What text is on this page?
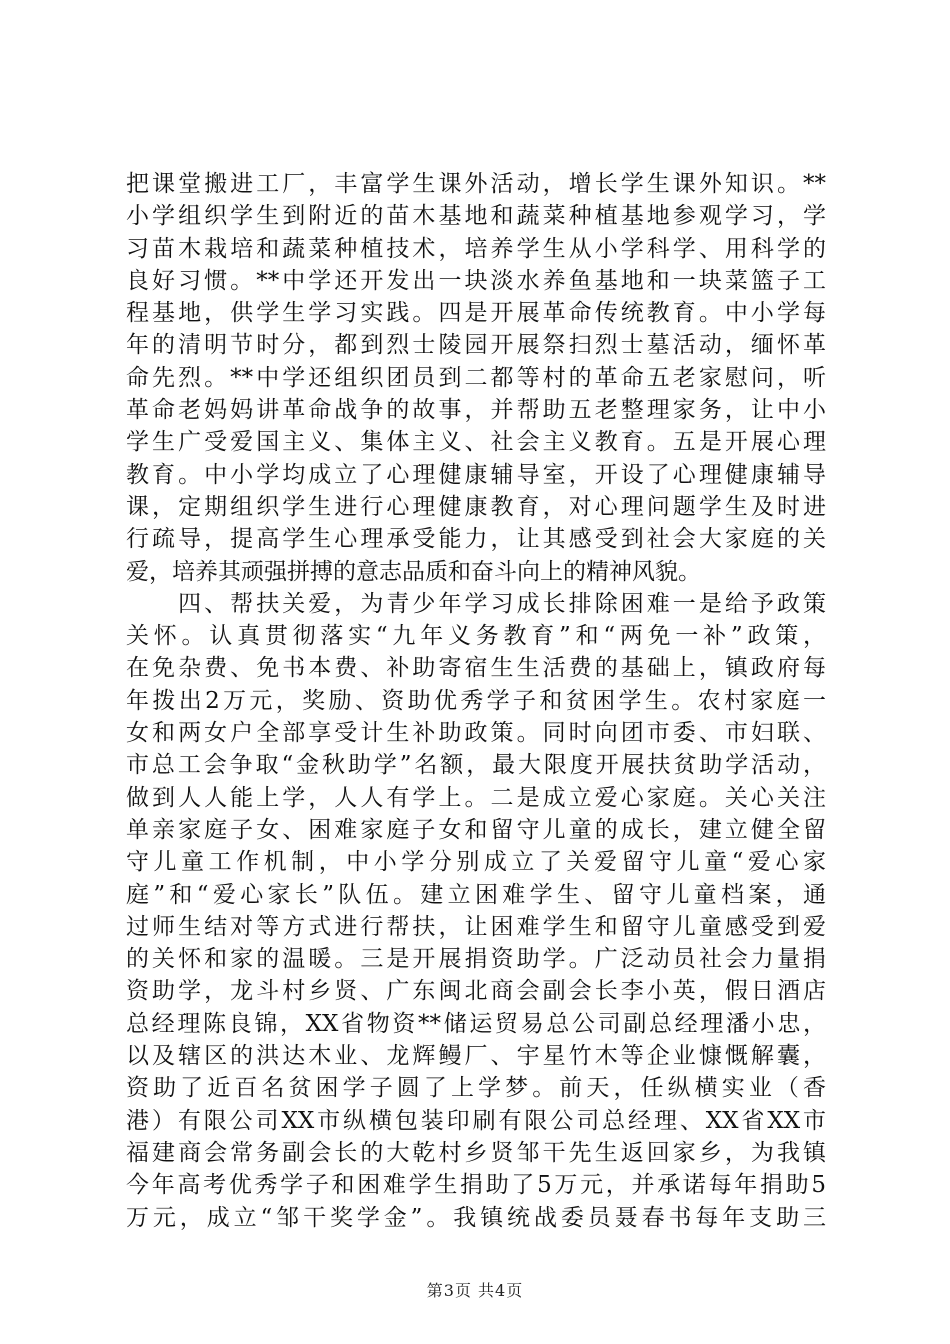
把课堂搬进工厂，丰富学生课外活动，增长学生课外知识。**
小学组织学生到附近的苗木基地和蔬菜种植基地参观学习，学
习苗木栽培和蔬菜种植技术，培养学生从小学科学、用科学的
良好习惯。**中学还开发出一块淡水养鱼基地和一块菜篮子工
程基地，供学生学习实践。四是开展革命传统教育。中小学每
年的清明节时分，都到烈士陵园开展祭扫烈士墓活动，缅怀革
命先烈。**中学还组织团员到二都等村的革命五老家慰问，听
革命老妈妈讲革命战争的故事，并帮助五老整理家务，让中小
学生广受爱国主义、集体主义、社会主义教育。五是开展心理
教育。中小学均成立了心理健康辅导室，开设了心理健康辅导
课，定期组织学生进行心理健康教育，对心理问题学生及时进
行疏导，提高学生心理承受能力，让其感受到社会大家庭的关
爱，培养其顽强拼搏的意志品质和奋斗向上的精神风貌。
　　四、帮扶关爱，为青少年学习成长排除困难一是给予政策
关怀。认真贯彻落实“九年义务教育”和“两免一补”政策，
在免杂费、免书本费、补助寄宿生生活费的基础上，镇政府每
年拨出2万元，奖励、资助优秀学子和贫困学生。农村家庭一
女和两女户全部享受计生补助政策。同时向团市委、市妇联、
市总工会争取“金秋助学”名额，最大限度开展扶贫助学活动，
做到人人能上学，人人有学上。二是成立爱心家庭。关心关注
单亲家庭子女、困难家庭子女和留守儿童的成长，建立健全留
守儿童工作机制，中小学分别成立了关爱留守儿童“爱心家
庭”和“爱心家长”队伍。建立困难学生、留守儿童档案，通
过师生结对等方式进行帮扶，让困难学生和留守儿童感受到爱
的关怀和家的温暖。三是开展捐资助学。广泛动员社会力量捐
资助学，龙斗村乡贤、广东闽北商会副会长李小英，假日酒店
总经理陈良锦，XX省物资**储运贸易总公司副总经理潘小忠，
以及辖区的洪达木业、龙辉鳗厂、宇星竹木等企业慷慨解囊，
资助了近百名贫困学子圆了上学梦。前天，任纵横实业（香
港）有限公司XX市纵横包装印刷有限公司总经理、XX省XX市
福建商会常务副会长的大乾村乡贤邹干先生返回家乡，为我镇
今年高考优秀学子和困难学生捐助了5万元，并承诺每年捐助5
万元，成立“邹干奖学金”。我镇统战委员聂春书每年支助三
第3页 共4页
